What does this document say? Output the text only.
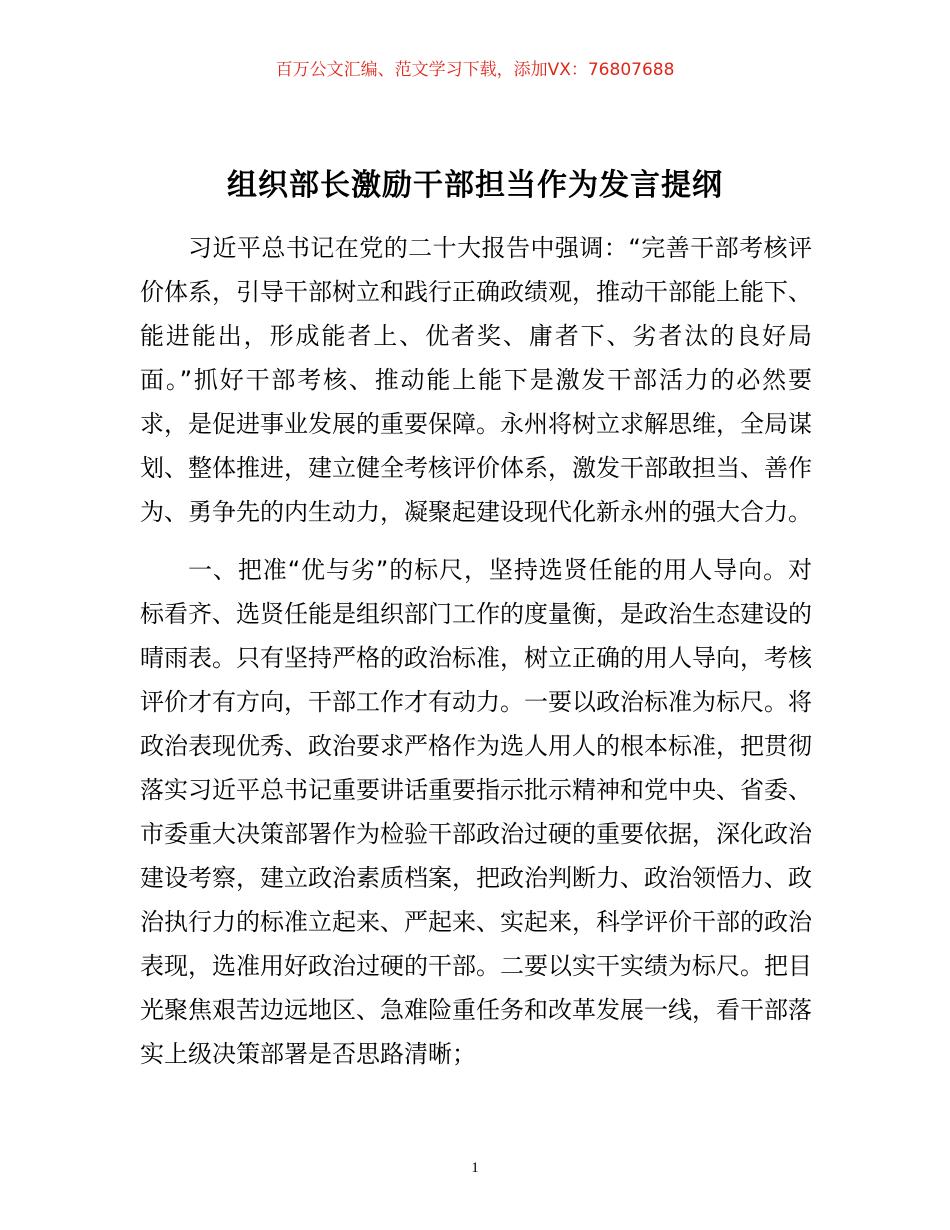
百万公文汇编、范文学习下载，添加VX：76807688
组织部长激励干部担当作为发言提纲

习近平总书记在党的二十大报告中强调：“完善干部考核评价体系，引导干部树立和践行正确政绩观，推动干部能上能下、能进能出，形成能者上、优者奖、庸者下、劣者汰的良好局面。”抓好干部考核、推动能上能下是激发干部活力的必然要求，是促进事业发展的重要保障。永州将树立求解思维，全局谋划、整体推进，建立健全考核评价体系，激发干部敢担当、善作为、勇争先的内生动力，凝聚起建设现代化新永州的强大合力。

一、把准“优与劣”的标尺，坚持选贤任能的用人导向。对标看齐、选贤任能是组织部门工作的度量衡，是政治生态建设的晴雨表。只有坚持严格的政治标准，树立正确的用人导向，考核评价才有方向，干部工作才有动力。一要以政治标准为标尺。将政治表现优秀、政治要求严格作为选人用人的根本标准，把贯彻落实习近平总书记重要讲话重要指示批示精神和党中央、省委、市委重大决策部署作为检验干部政治过硬的重要依据，深化政治建设考察，建立政治素质档案，把政治判断力、政治领悟力、政治执行力的标准立起来、严起来、实起来，科学评价干部的政治表现，选准用好政治过硬的干部。二要以实干实绩为标尺。把目光聚焦艰苦边远地区、急难险重任务和改革发展一线，看干部落实上级决策部署是否思路清晰；

1
